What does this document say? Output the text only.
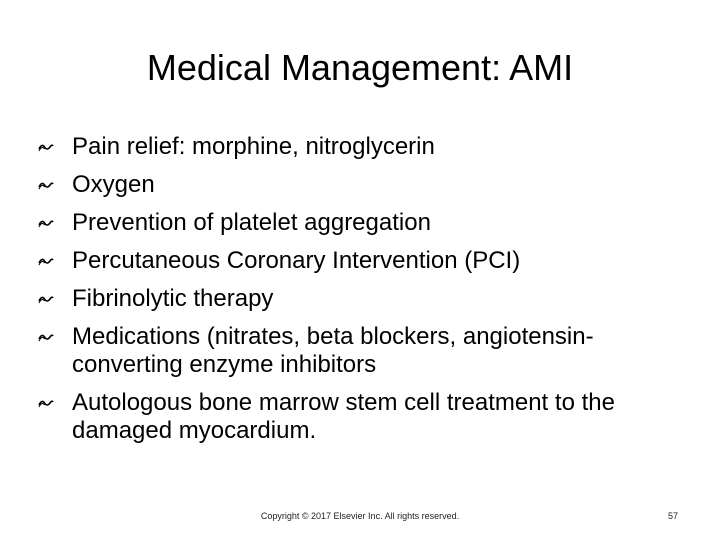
Medical Management: AMI
Pain relief: morphine, nitroglycerin
Oxygen
Prevention of platelet aggregation
Percutaneous Coronary Intervention (PCI)
Fibrinolytic therapy
Medications (nitrates, beta blockers, angiotensin-converting enzyme inhibitors
Autologous bone marrow stem cell treatment to the damaged myocardium.
Copyright © 2017 Elsevier Inc. All rights reserved.	57
